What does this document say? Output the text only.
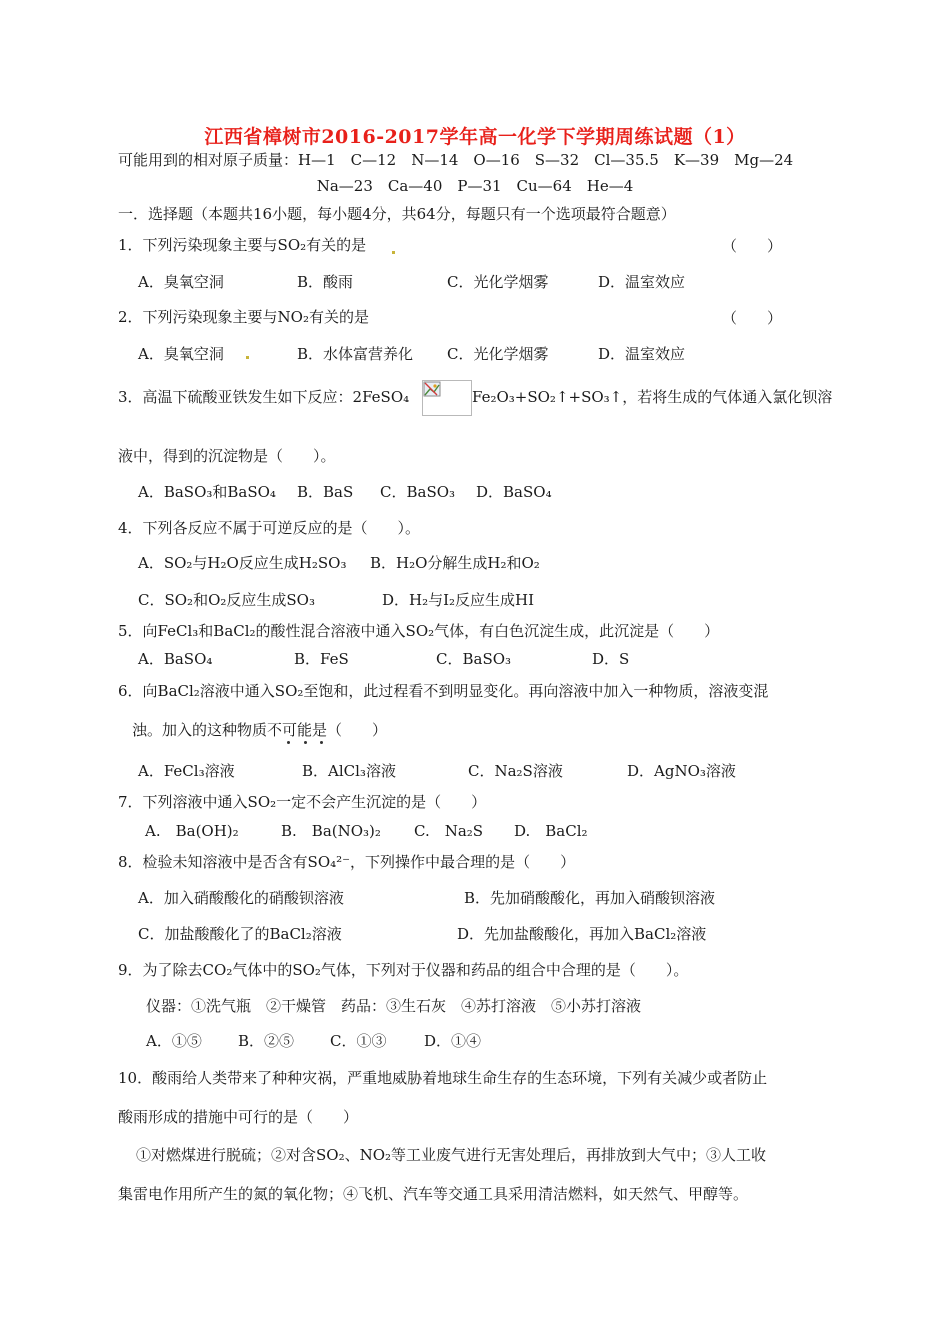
江西省樟树市2016-2017学年高一化学下学期周练试题（1）
可能用到的相对原子质量：H—1　C—12　N—14　O—16　S—32　Cl—35.5　K—39　Mg—24
Na—23　Ca—40　P—31　Cu—64　He—4
一．选择题（本题共16小题，每小题4分，共64分，每题只有一个选项最符合题意）
1．下列污染现象主要与SO₂有关的是	（　　）
A．臭氧空洞	B．酸雨	C．光化学烟雾	D．温室效应
2．下列污染现象主要与NO₂有关的是	（　　）
A．臭氧空洞	B．水体富营养化 C．光化学烟雾	D．温室效应
3．高温下硫酸亚铁发生如下反应：2FeSO₄	Fe₂O₃+SO₂↑+SO₃↑，若将生成的气体通入氯化钡溶
液中，得到的沉淀物是（　　）。
A．BaSO₃和BaSO₄ B．BaS C．BaSO₃ D．BaSO₄
4．下列各反应不属于可逆反应的是（　　）。
A．SO₂与H₂O反应生成H₂SO₃ B．H₂O分解生成H₂和O₂
C．SO₂和O₂反应生成SO₃	D．H₂与I₂反应生成HI
5．向FeCl₃和BaCl₂的酸性混合溶液中通入SO₂气体，有白色沉淀生成，此沉淀是（　　）
A．BaSO₄	B．FeS	C．BaSO₃	D．S
6．向BaCl₂溶液中通入SO₂至饱和，此过程看不到明显变化。再向溶液中加入一种物质，溶液变混
浊。加入的这种物质不可能是（　　）
A．FeCl₃溶液	B．AlCl₃溶液	C．Na₂S溶液	D．AgNO₃溶液
7．下列溶液中通入SO₂一定不会产生沉淀的是（　　）
A.　Ba(OH)₂	B.　Ba(NO₃)₂ C.　Na₂S D.　BaCl₂
8．检验未知溶液中是否含有SO₄²⁻，下列操作中最合理的是（　　）
A．加入硝酸酸化的硝酸钡溶液	B．先加硝酸酸化，再加入硝酸钡溶液
C．加盐酸酸化了的BaCl₂溶液	D．先加盐酸酸化，再加入BaCl₂溶液
9．为了除去CO₂气体中的SO₂气体，下列对于仪器和药品的组合中合理的是（　　）。
仪器：①洗气瓶　②干燥管　药品：③生石灰　④苏打溶液　⑤小苏打溶液
A．①⑤ B．②⑤ C．①③	D．①④
10．酸雨给人类带来了种种灾祸，严重地威胁着地球生命生存的生态环境，下列有关减少或者防止
酸雨形成的措施中可行的是（　　）
①对燃煤进行脱硫；②对含SO₂、NO₂等工业废气进行无害处理后，再排放到大气中；③人工收
集雷电作用所产生的氮的氧化物；④飞机、汽车等交通工具采用清洁燃料，如天然气、甲醇等。
